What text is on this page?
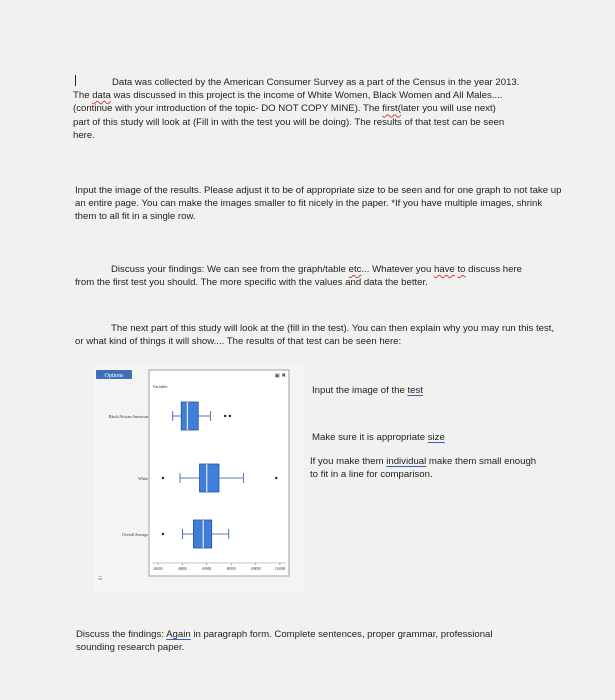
Data was collected by the American Consumer Survey as a part of the Census in the year 2013.
The data was discussed in this project is the income of White Women, Black Women and All Males....
(continue with your introduction of the topic- DO NOT COPY MINE). The first(later you will use next)
part of this study will look at (Fill in with the test you will be doing). The results of that test can be seen
here.

Input the image of the results. Please adjust it to be of appropriate size to be seen and for one graph to not take up an entire page. You can make the images smaller to fit nicely in the paper. *If you have multiple images, shrink them to all fit in a single row.

Discuss your findings: We can see from the graph/table etc... Whatever you have to discuss here
from the first test you should. The more specific with the values and data the better.

The next part of this study will look at the (fill in the test). You can then explain why you may run this test, or what kind of things it will show.... The results of that test can be seen here:

Options	▣ ✖
Variable
☰
Black/African American
White
Overall Average
20000	40000	60000	80000	100000	120000

Input the image of the test

Make sure it is appropriate size

If you make them individual make them small enough
to fit in a line for comparison.

Discuss the findings: Again in paragraph form. Complete sentences, proper grammar, professional
sounding research paper.
